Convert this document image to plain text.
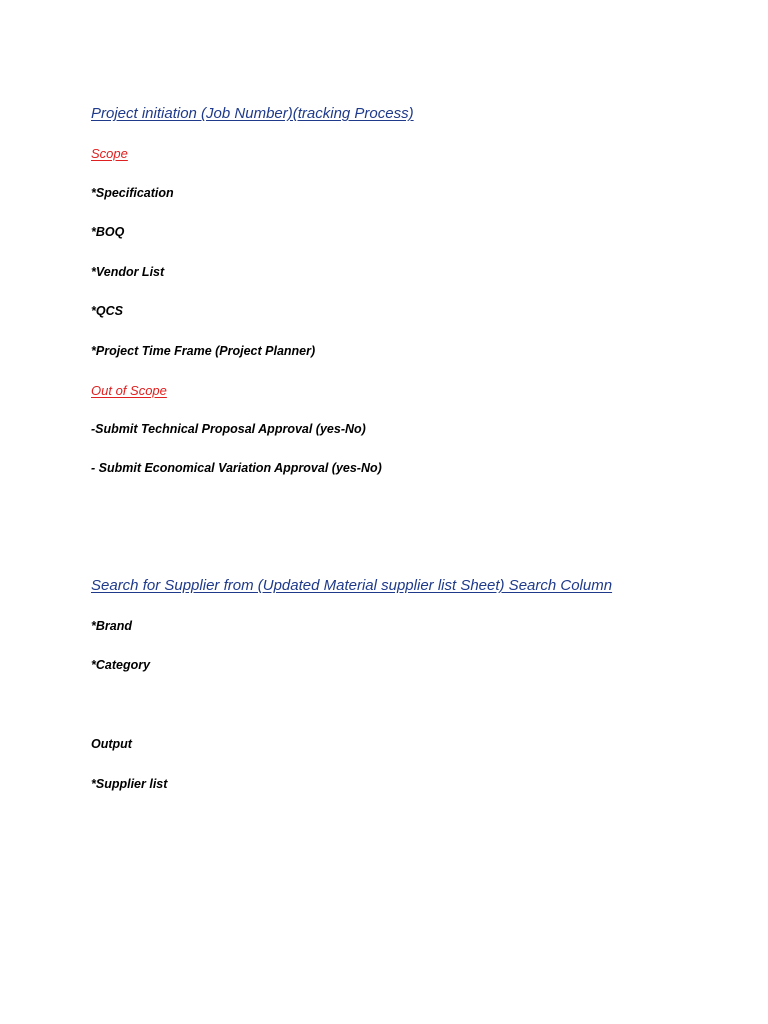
Project initiation (Job Number)(tracking Process)

Scope

*Specification

*BOQ

*Vendor List

*QCS

*Project Time Frame (Project Planner)

Out of Scope

-Submit Technical Proposal Approval (yes-No)

- Submit Economical Variation Approval (yes-No)

Search for Supplier from (Updated Material supplier list Sheet) Search Column

*Brand

*Category

Output

*Supplier list
